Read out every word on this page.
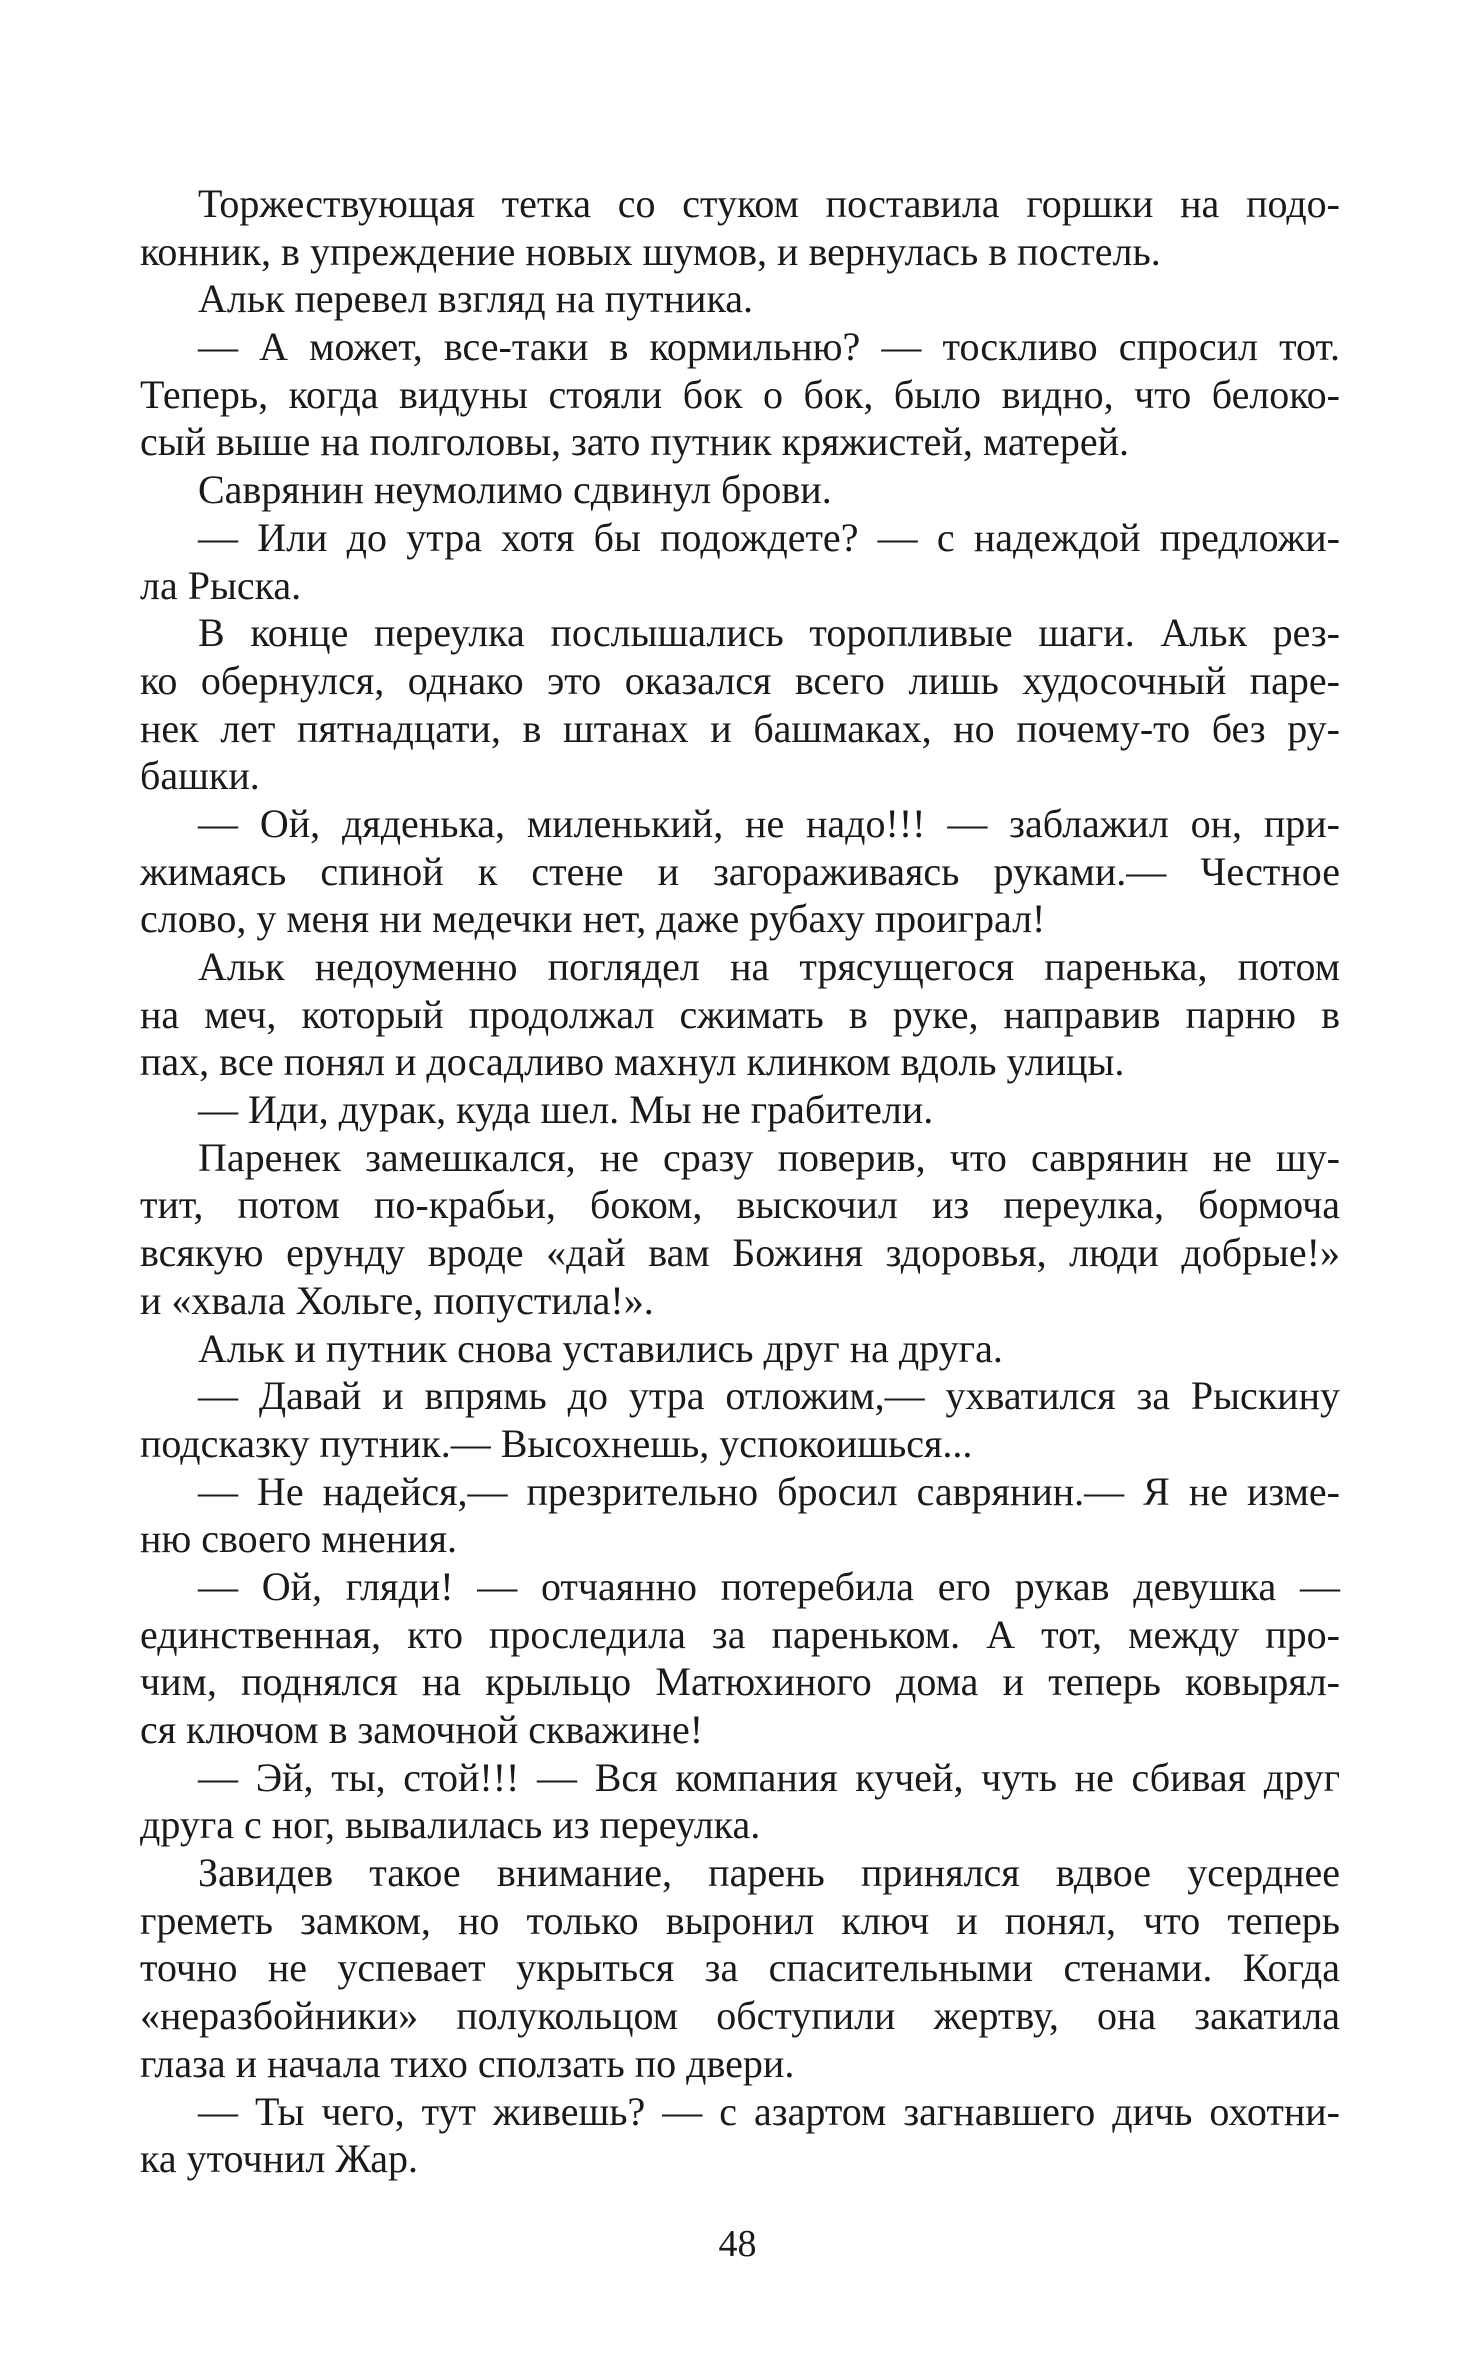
Торжествующая тетка со стуком поставила горшки на подо-
конник, в упреждение новых шумов, и вернулась в постель.
Альк перевел взгляд на путника.
— А может, все-таки в кормильню? — тоскливо спросил тот.
Теперь, когда видуны стояли бок о бок, было видно, что белоко-
сый выше на полголовы, зато путник кряжистей, матерей.
Саврянин неумолимо сдвинул брови.
— Или до утра хотя бы подождете? — с надеждой предложи-
ла Рыска.
В конце переулка послышались торопливые шаги. Альк рез-
ко обернулся, однако это оказался всего лишь худосочный паре-
нек лет пятнадцати, в штанах и башмаках, но почему-то без ру-
башки.
— Ой, дяденька, миленький, не надо!!! — заблажил он, при-
жимаясь спиной к стене и загораживаясь руками.— Честное
слово, у меня ни медечки нет, даже рубаху проиграл!
Альк недоуменно поглядел на трясущегося паренька, потом
на меч, который продолжал сжимать в руке, направив парню в
пах, все понял и досадливо махнул клинком вдоль улицы.
— Иди, дурак, куда шел. Мы не грабители.
Паренек замешкался, не сразу поверив, что саврянин не шу-
тит, потом по-крабьи, боком, выскочил из переулка, бормоча
всякую ерунду вроде «дай вам Божиня здоровья, люди добрые!»
и «хвала Хольге, попустила!».
Альк и путник снова уставились друг на друга.
— Давай и впрямь до утра отложим,— ухватился за Рыскину
подсказку путник.— Высохнешь, успокоишься...
— Не надейся,— презрительно бросил саврянин.— Я не изме-
ню своего мнения.
— Ой, гляди! — отчаянно потеребила его рукав девушка —
единственная, кто проследила за пареньком. А тот, между про-
чим, поднялся на крыльцо Матюхиного дома и теперь ковырял-
ся ключом в замочной скважине!
— Эй, ты, стой!!! — Вся компания кучей, чуть не сбивая друг
друга с ног, вывалилась из переулка.
Завидев такое внимание, парень принялся вдвое усерднее
греметь замком, но только выронил ключ и понял, что теперь
точно не успевает укрыться за спасительными стенами. Когда
«неразбойники» полукольцом обступили жертву, она закатила
глаза и начала тихо сползать по двери.
— Ты чего, тут живешь? — с азартом загнавшего дичь охотни-
ка уточнил Жар.
48
